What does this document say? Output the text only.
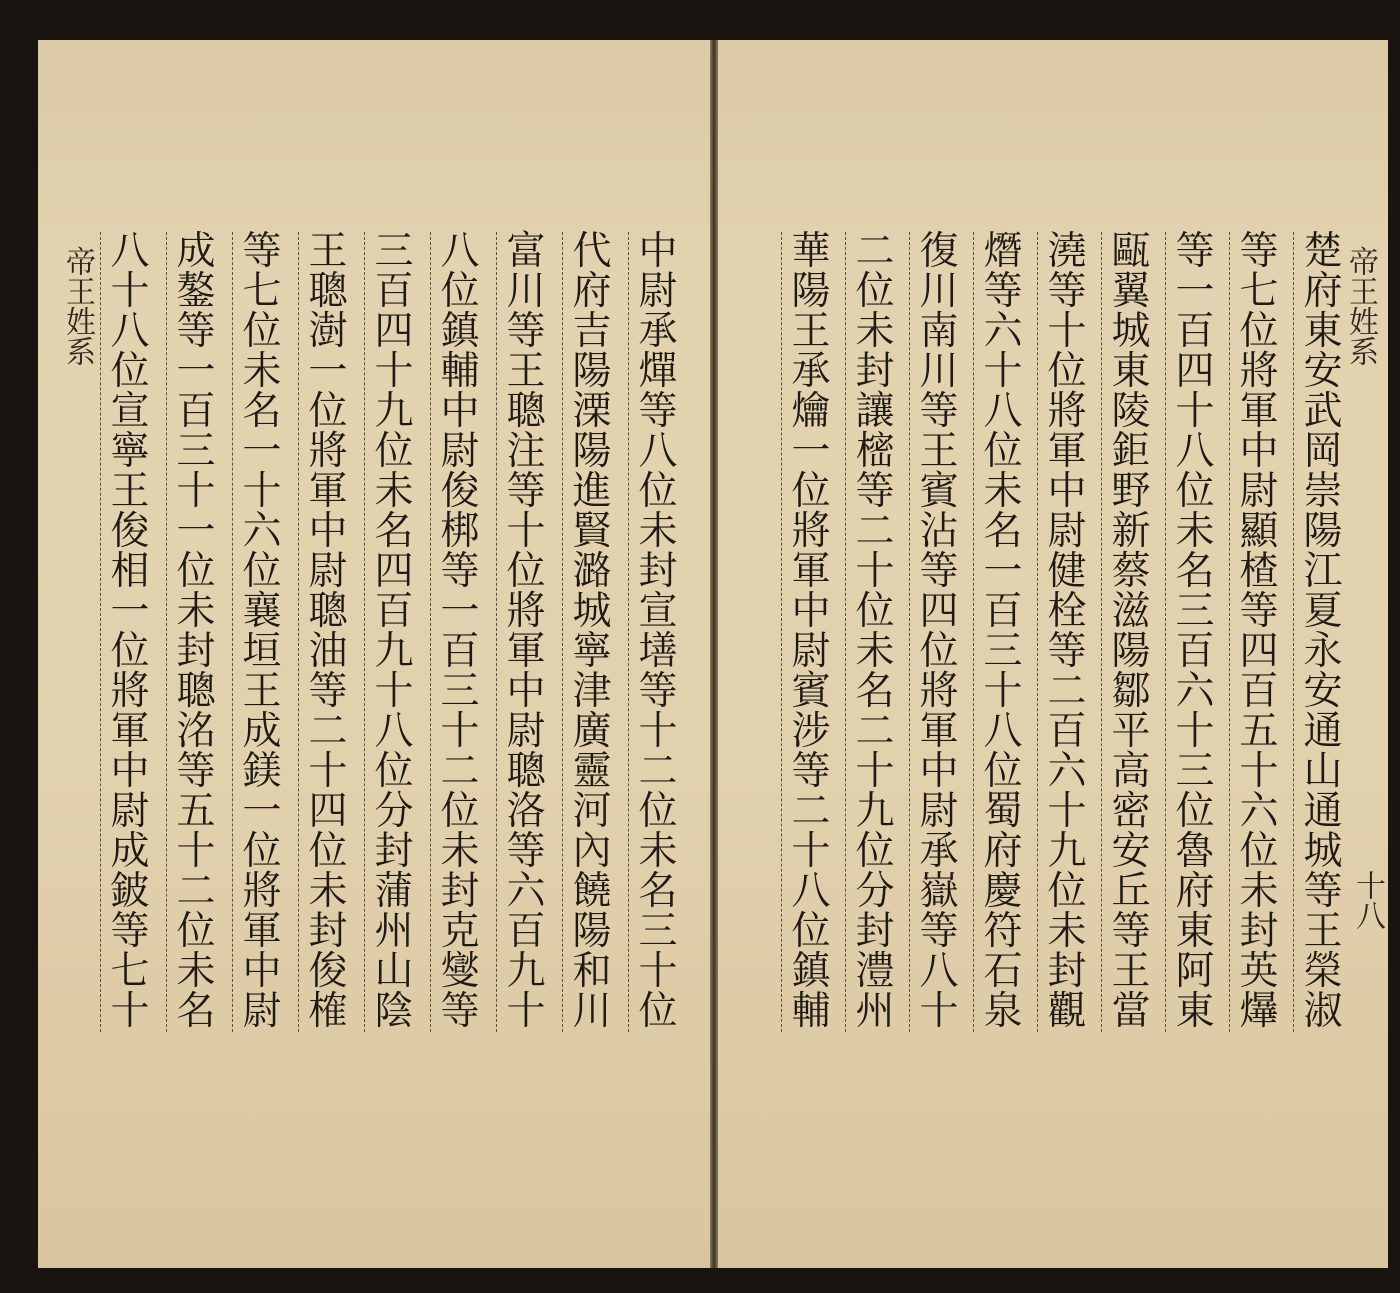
楚
府
東
安
武
岡
崇
陽
江
夏
永
安
通
山
通
城
等
王
榮
淑
等
七
位
將
軍
中
尉
顯
楂
等
四
百
五
十
六
位
未
封
英
爗
等
一
百
四
十
八
位
未
名
三
百
六
十
三
位
魯
府
東
阿
東
甌
翼
城
東
陵
鉅
野
新
蔡
滋
陽
鄒
平
高
密
安
丘
等
王
當
澆
等
十
位
將
軍
中
尉
健
栓
等
二
百
六
十
九
位
未
封
觀
熸
等
六
十
八
位
未
名
一
百
三
十
八
位
蜀
府
慶
符
石
泉
復
川
南
川
等
王
賓
沾
等
四
位
將
軍
中
尉
承
嶽
等
八
十
二
位
未
封
讓
樒
等
二
十
位
未
名
二
十
九
位
分
封
澧
州
華
陽
王
承
爚
一
位
將
軍
中
尉
賓
涉
等
二
十
八
位
鎮
輔
中
尉
承
燀
等
八
位
未
封
宣
墡
等
十
二
位
未
名
三
十
位
代
府
吉
陽
溧
陽
進
賢
潞
城
寧
津
廣
靈
河
內
饒
陽
和
川
富
川
等
王
聰
注
等
十
位
將
軍
中
尉
聰
洛
等
六
百
九
十
八
位
鎮
輔
中
尉
俊
梆
等
一
百
三
十
二
位
未
封
克
燮
等
三
百
四
十
九
位
未
名
四
百
九
十
八
位
分
封
蒲
州
山
陰
王
聰
澍
一
位
將
軍
中
尉
聰
油
等
二
十
四
位
未
封
俊
榷
等
七
位
未
名
一
十
六
位
襄
垣
王
成
鎂
一
位
將
軍
中
尉
成
鏊
等
一
百
三
十
一
位
未
封
聰
洺
等
五
十
二
位
未
名
八
十
八
位
宣
寧
王
俊
相
一
位
將
軍
中
尉
成
鈹
等
七
十
帝王姓系
帝王姓系
十八
